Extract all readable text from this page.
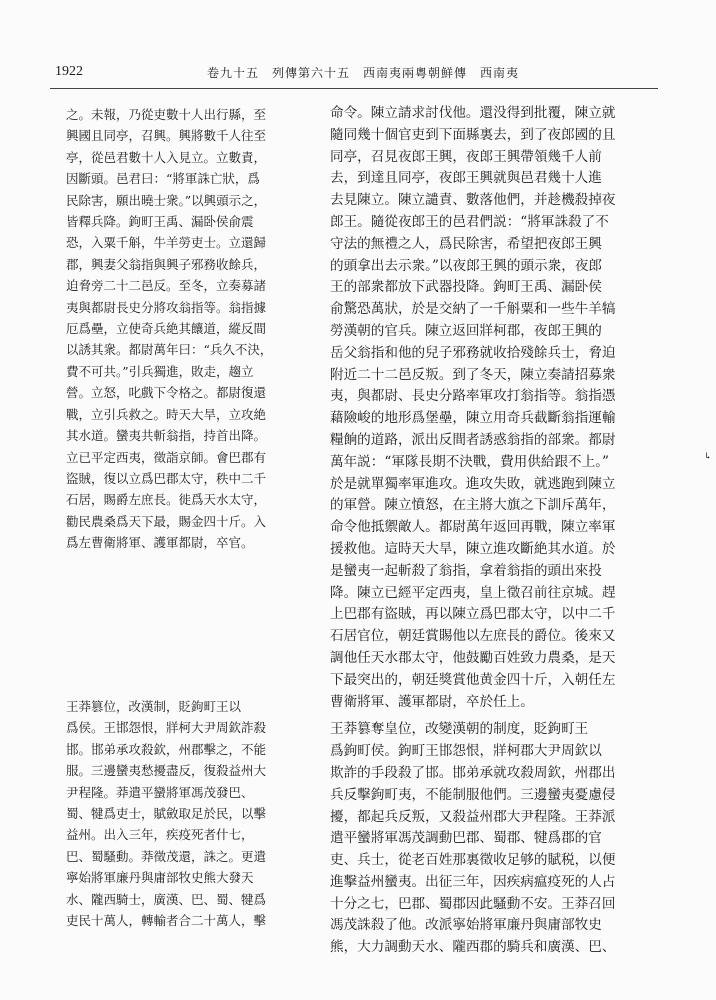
1922	卷九十五　列傳第六十五　西南夷兩粵朝鮮傳　西南夷
之。未報，乃從吏數十人出行縣，至
興國且同亭，召興。興將數千人往至
亭，從邑君數十人入見立。立數責，
因斷頭。邑君曰：“將軍誅亡狀，爲
民除害，願出曉士衆。”以興頭示之，
皆釋兵降。鉤町王禹、漏卧侯俞震
恐，入粟千斛，牛羊勞吏士。立還歸
郡，興妻父翁指與興子邪務收餘兵，
迫脅旁二十二邑反。至冬，立奏募諸
夷與都尉長史分將攻翁指等。翁指據
厄爲壘，立使奇兵絶其饟道，縱反間
以誘其衆。都尉萬年曰：“兵久不決，
費不可共。”引兵獨進，敗走，趨立
營。立怒，叱戲下令格之。都尉復還
戰，立引兵救之。時天大旱，立攻絶
其水道。蠻夷共斬翁指，持首出降。
立已平定西夷，徵詣京師。會巴郡有
盜賊，復以立爲巴郡太守，秩中二千
石居，賜爵左庶長。徙爲天水太守，
勸民農桑爲天下最，賜金四十斤。入
爲左曹衛將軍、護軍都尉，卒官。
王莽篡位，改漢制，貶鉤町王以
爲侯。王邯怨恨，牂柯大尹周欽詐殺
邯。邯弟承攻殺欽，州郡擊之，不能
服。三邊蠻夷愁擾盡反，復殺益州大
尹程隆。莽遣平蠻將軍馮茂發巴、
蜀、犍爲吏士，賦斂取足於民，以擊
益州。出入三年，疾疫死者什七，
巴、蜀騷動。莽徵茂還，誅之。更遣
寧始將軍廉丹與庸部牧史熊大發天
水、隴西騎士，廣漢、巴、蜀、犍爲
吏民十萬人，轉輸者合二十萬人，擊
命令。陳立請求討伐他。還没得到批覆，陳立就
隨同幾十個官吏到下面縣裏去，到了夜郎國的且
同亭，召見夜郎王興，夜郎王興帶領幾千人前
去，到達且同亭，夜郎王興就與邑君幾十人進
去見陳立。陳立譴責、數落他們，并趁機殺掉夜
郎王。隨從夜郎王的邑君們説：“將軍誅殺了不
守法的無禮之人，爲民除害，希望把夜郎王興
的頭拿出去示衆。”以夜郎王興的頭示衆，夜郎
王的部衆都放下武器投降。鉤町王禹、漏卧侯
俞驚恐萬狀，於是交納了一千斛粟和一些牛羊犒
勞漢朝的官兵。陳立返回牂柯郡，夜郎王興的
岳父翁指和他的兒子邪務就收拾殘餘兵士，脅迫
附近二十二邑反叛。到了冬天，陳立奏請招募衆
夷，與都尉、長史分路率軍攻打翁指等。翁指憑
藉險峻的地形爲堡壘，陳立用奇兵截斷翁指運輸
糧餉的道路，派出反間者誘惑翁指的部衆。都尉
萬年説：“軍隊長期不決戰，費用供給跟不上。”
於是就單獨率軍進攻。進攻失敗，就逃跑到陳立
的軍營。陳立憤怒，在主將大旗之下訓斥萬年，
命令他抵禦敵人。都尉萬年返回再戰，陳立率軍
援救他。這時天大旱，陳立進攻斷絶其水道。於
是蠻夷一起斬殺了翁指，拿着翁指的頭出來投
降。陳立已經平定西夷，皇上徵召前往京城。趕
上巴郡有盜賊，再以陳立爲巴郡太守，以中二千
石居官位，朝廷賞賜他以左庶長的爵位。後來又
調他任天水郡太守，他鼓勵百姓致力農桑，是天
下最突出的，朝廷獎賞他黄金四十斤，入朝任左
曹衛將軍、護軍都尉，卒於任上。
王莽篡奪皇位，改變漢朝的制度，貶鉤町王
爲鉤町侯。鉤町王邯怨恨，牂柯郡大尹周欽以
欺詐的手段殺了邯。邯弟承就攻殺周欽，州郡出
兵反擊鉤町夷，不能制服他們。三邊蠻夷憂慮侵
擾，都起兵反叛，又殺益州郡大尹程隆。王莽派
遣平蠻將軍馮茂調動巴郡、蜀郡、犍爲郡的官
吏、兵士，從老百姓那裏徵收足够的賦税，以便
進擊益州蠻夷。出征三年，因疾病瘟疫死的人占
十分之七，巴郡、蜀郡因此騷動不安。王莽召回
馮茂誅殺了他。改派寧始將軍廉丹與庸部牧史
熊，大力調動天水、隴西郡的騎兵和廣漢、巴、
↳
